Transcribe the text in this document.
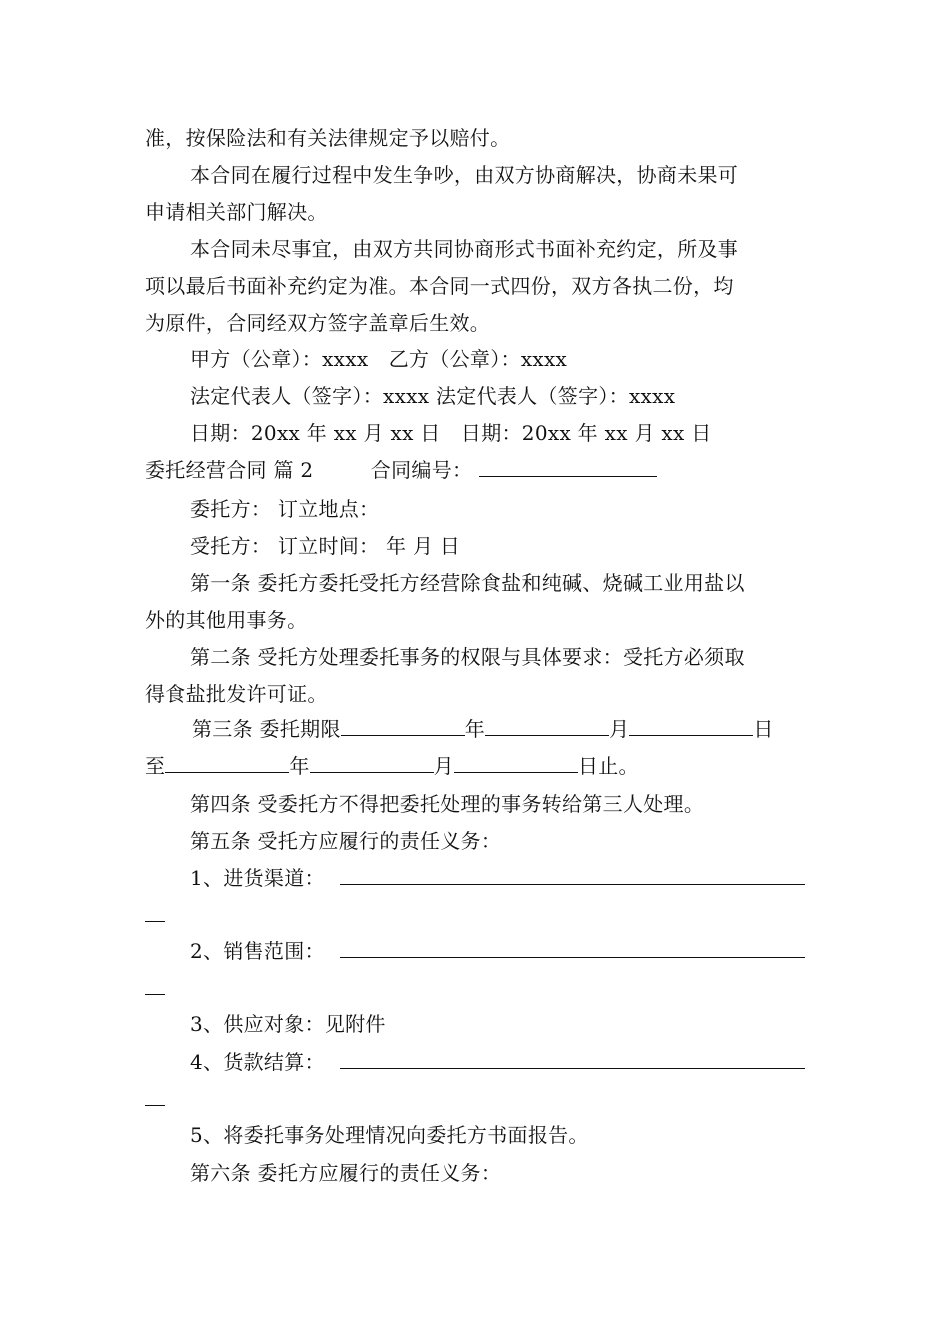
准，按保险法和有关法律规定予以赔付。
本合同在履行过程中发生争吵，由双方协商解决，协商未果可
申请相关部门解决。
本合同未尽事宜，由双方共同协商形式书面补充约定，所及事
项以最后书面补充约定为准。本合同一式四份，双方各执二份，均
为原件，合同经双方签字盖章后生效。
甲方（公章）：xxxx　乙方（公章）：xxxx
法定代表人（签字）：xxxx 法定代表人（签字）：xxxx
日期：20xx 年 xx 月 xx 日　日期：20xx 年 xx 月 xx 日
委托经营合同 篇 2	合同编号：
委托方： 订立地点：
受托方： 订立时间： 年 月 日
第一条 委托方委托受托方经营除食盐和纯碱、烧碱工业用盐以
外的其他用事务。
第二条 受托方处理委托事务的权限与具体要求：受托方必须取
得食盐批发许可证。
第三条 委托期限	年	月	日
至	年	月	日止。
第四条 受委托方不得把委托处理的事务转给第三人处理。
第五条 受托方应履行的责任义务：
1、进货渠道：
2、销售范围：
3、供应对象：见附件
4、货款结算：
5、将委托事务处理情况向委托方书面报告。
第六条 委托方应履行的责任义务：
